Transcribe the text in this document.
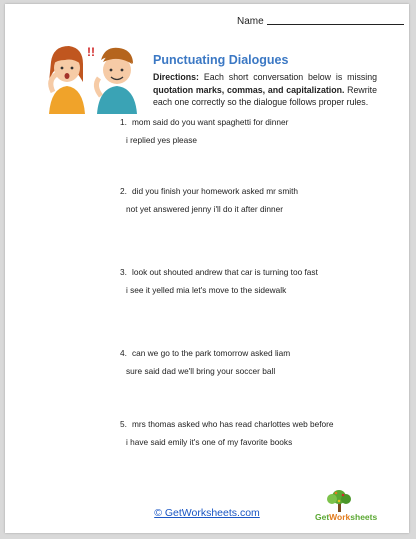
Name
!!
Punctuating Dialogues
Directions: Each short conversation below is missing quotation marks, commas, and capitalization. Rewrite each one correctly so the dialogue follows proper rules.
1. mom said do you want spaghetti for dinner
i replied yes please
2. did you finish your homework asked mr smith
not yet answered jenny i'll do it after dinner
3. look out shouted andrew that car is turning too fast
i see it yelled mia let's move to the sidewalk
4. can we go to the park tomorrow asked liam
sure said dad we'll bring your soccer ball
5. mrs thomas asked who has read charlottes web before
i have said emily it's one of my favorite books
© GetWorksheets.com	GetWorksheets
